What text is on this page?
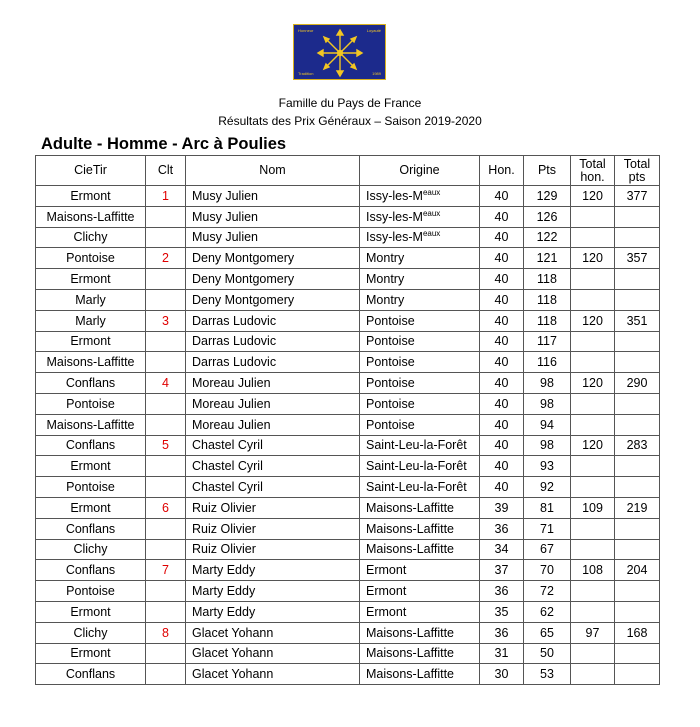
Honneur	Loyauté
Tradition	1989
Famille du Pays de France
Résultats des Prix Généraux – Saison 2019-2020
Adulte - Homme - Arc à Poulies
CieTir	Clt	Nom	Origine	Hon.	Pts	Total hon.	Total pts
Ermont	1	Musy Julien	Issy-$les-M^{eaux}$	40	129	120	377
Maisons-Laffitte		Musy Julien	Issy-$les-M^{eaux}$	40	126		
Clichy		Musy Julien	Issy-$les-M^{eaux}$	40	122		
Pontoise	2	Deny Montgomery	Montry	40	121	120	357
Ermont		Deny Montgomery	Montry	40	118		
Marly		Deny Montgomery	Montry	40	118		
Marly	3	Darras Ludovic	Pontoise	40	118	120	351
Ermont		Darras Ludovic	Pontoise	40	117		
Maisons-Laffitte		Darras Ludovic	Pontoise	40	116		
Conflans	4	Moreau Julien	Pontoise	40	98	120	290
Pontoise		Moreau Julien	Pontoise	40	98		
Maisons-Laffitte		Moreau Julien	Pontoise	40	94		
Conflans	5	Chastel Cyril	Saint-Leu-la-Forêt	40	98	120	283
Ermont		Chastel Cyril	Saint-Leu-la-Forêt	40	93		
Pontoise		Chastel Cyril	Saint-Leu-la-Forêt	40	92		
Ermont	6	Ruiz Olivier	Maisons-Laffitte	39	81	109	219
Conflans		Ruiz Olivier	Maisons-Laffitte	36	71		
Clichy		Ruiz Olivier	Maisons-Laffitte	34	67		
Conflans	7	Marty Eddy	Ermont	37	70	108	204
Pontoise		Marty Eddy	Ermont	36	72		
Ermont		Marty Eddy	Ermont	35	62		
Clichy	8	Glacet Yohann	Maisons-Laffitte	36	65	97	168
Ermont		Glacet Yohann	Maisons-Laffitte	31	50		
Conflans		Glacet Yohann	Maisons-Laffitte	30	53		
